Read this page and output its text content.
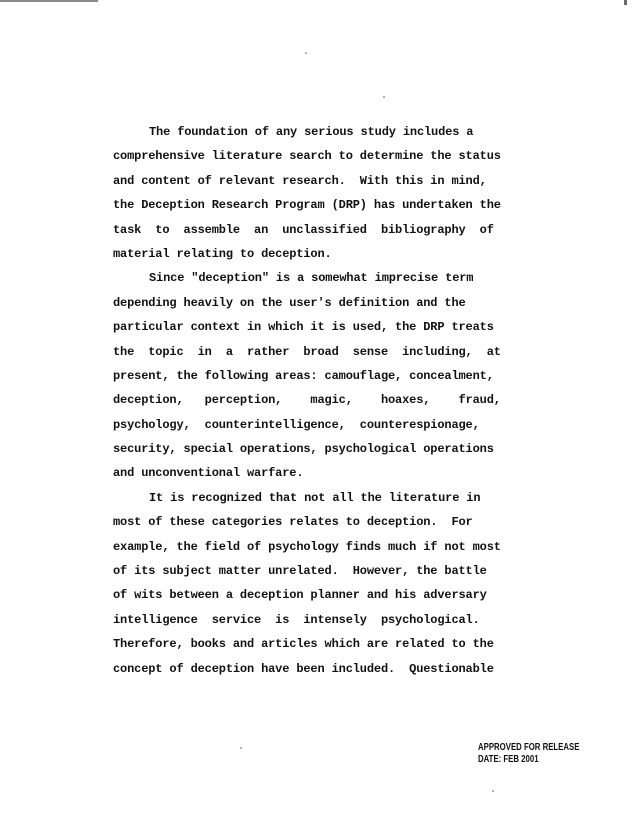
The foundation of any serious study includes a
comprehensive literature search to determine the status
and content of relevant research.  With this in mind,
the Deception Research Program (DRP) has undertaken the
task  to  assemble  an  unclassified  bibliography  of
material relating to deception.
Since "deception" is a somewhat imprecise term
depending heavily on the user's definition and the
particular context in which it is used, the DRP treats
the  topic  in  a  rather  broad  sense  including,  at
present, the following areas: camouflage, concealment,
deception,   perception,    magic,    hoaxes,    fraud,
psychology,  counterintelligence,  counterespionage,
security, special operations, psychological operations
and unconventional warfare.
It is recognized that not all the literature in
most of these categories relates to deception.  For
example, the field of psychology finds much if not most
of its subject matter unrelated.  However, the battle
of wits between a deception planner and his adversary
intelligence  service  is  intensely  psychological.
Therefore, books and articles which are related to the
concept of deception have been included.  Questionable
APPROVED FOR RELEASE
DATE: FEB 2001
